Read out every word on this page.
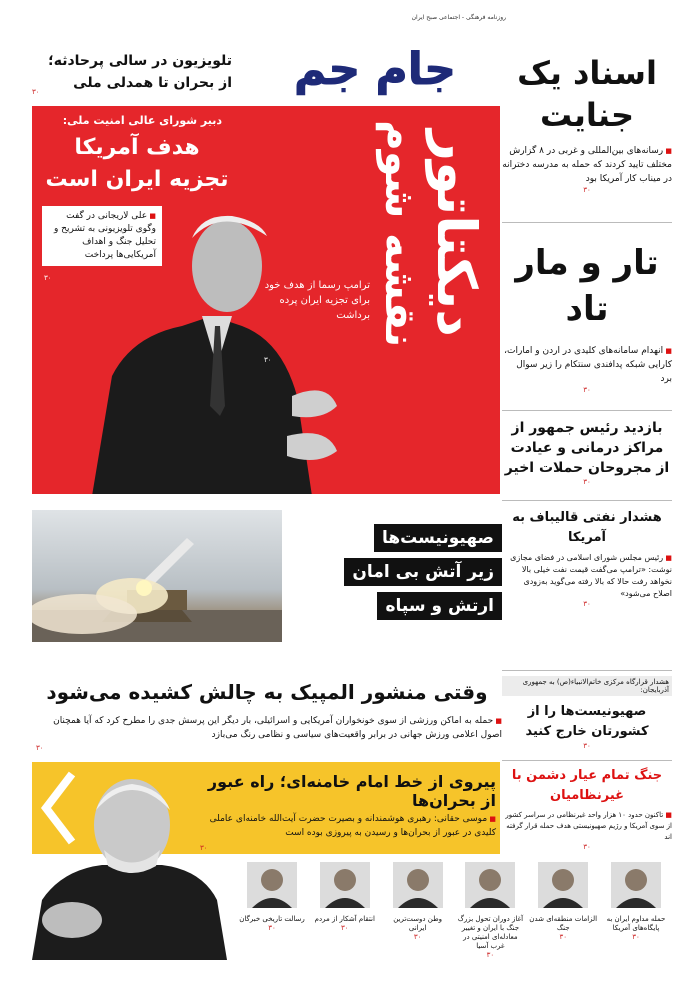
روزنامه فرهنگی - اجتماعی صبح ایران
جام جم
تلویزیون در سالی پرحادثه؛ از بحران تا همدلی ملی
۳۰	اسناد یک جنایت
■ رسانه‌های بین‌المللی و غربی در ۸ گزارش مختلف تایید کردند که حمله به مدرسه دخترانه در میناب کار آمریکا بود
۳۰
تار و مار تاد
■ انهدام سامانه‌های کلیدی در اردن و امارات، کارایی شبکه پدافندی سنتکام را زیر سوال برد
۳۰
بازدید رئیس جمهور از مراکز درمانی و عیادت از مجروحان حملات اخیر
۳۰
هشدار نفتی قالیباف به آمریکا
■ رئیس مجلس شورای اسلامی در فضای مجازی نوشت: «ترامپ می‌گفت قیمت نفت خیلی بالا نخواهد رفت حالا که بالا رفته می‌گوید به‌زودی اصلاح می‌شود»
۳۰
هشدار قرارگاه مرکزی خاتم‌الانبیاء(ص) به جمهوری آذربایجان:
صهیونیست‌ها را از کشورتان خارج کنید
۳۰
جنگ تمام عیار دشمن با غیرنظامیان
■ تاکنون حدود ۱۰ هزار واحد غیرنظامی در سراسر کشور از سوی آمریکا و رژیم صهیونیستی هدف حمله قرار گرفته اند
۳۰
دبیر شورای عالی امنیت ملی:
هدف آمریکا تجزیه ایران است
■ علی لاریجانی در گفت وگوی تلویزیونی به تشریح و تحلیل جنگ و اهداف آمریکایی‌ها پرداخت
۳۰
ترامپ رسما از هدف خود برای تجزیه ایران پرده برداشت
۳۰
نقشه شوم دیکتاتور
صهیونیست‌ها
زیر آتش بی امان
ارتش و سپاه
وقتی منشور المپیک به چالش کشیده می‌شود
■ حمله به اماکن ورزشی از سوی خونخواران آمریکایی و اسرائیلی، بار دیگر این پرسش جدی را مطرح کرد که آیا همچنان اصول اعلامی ورزش جهانی در برابر واقعیت‌های سیاسی و نظامی رنگ می‌بازد
۳۰
پیروی از خط امام خامنه‌ای؛ راه عبور از بحران‌ها
■ موسی حقانی: رهبری هوشمندانه و بصیرت حضرت آیت‌الله خامنه‌ای عاملی کلیدی در عبور از بحران‌ها و رسیدن به پیروزی بوده است
۳۰
حمله مداوم ایران به پایگاه‌های آمریکا
۳۰
الزامات منطقه‌ای شدن جنگ
۳۰
آغاز دوران تحول بزرگ جنگ با ایران و تغییر معادله‌ای امنیتی در غرب آسیا
۳۰
وطن دوست‌ترین ایرانی
۳۰
انتقام آشکار از مردم
۳۰
رسالت تاریخی خبرگان
۳۰
